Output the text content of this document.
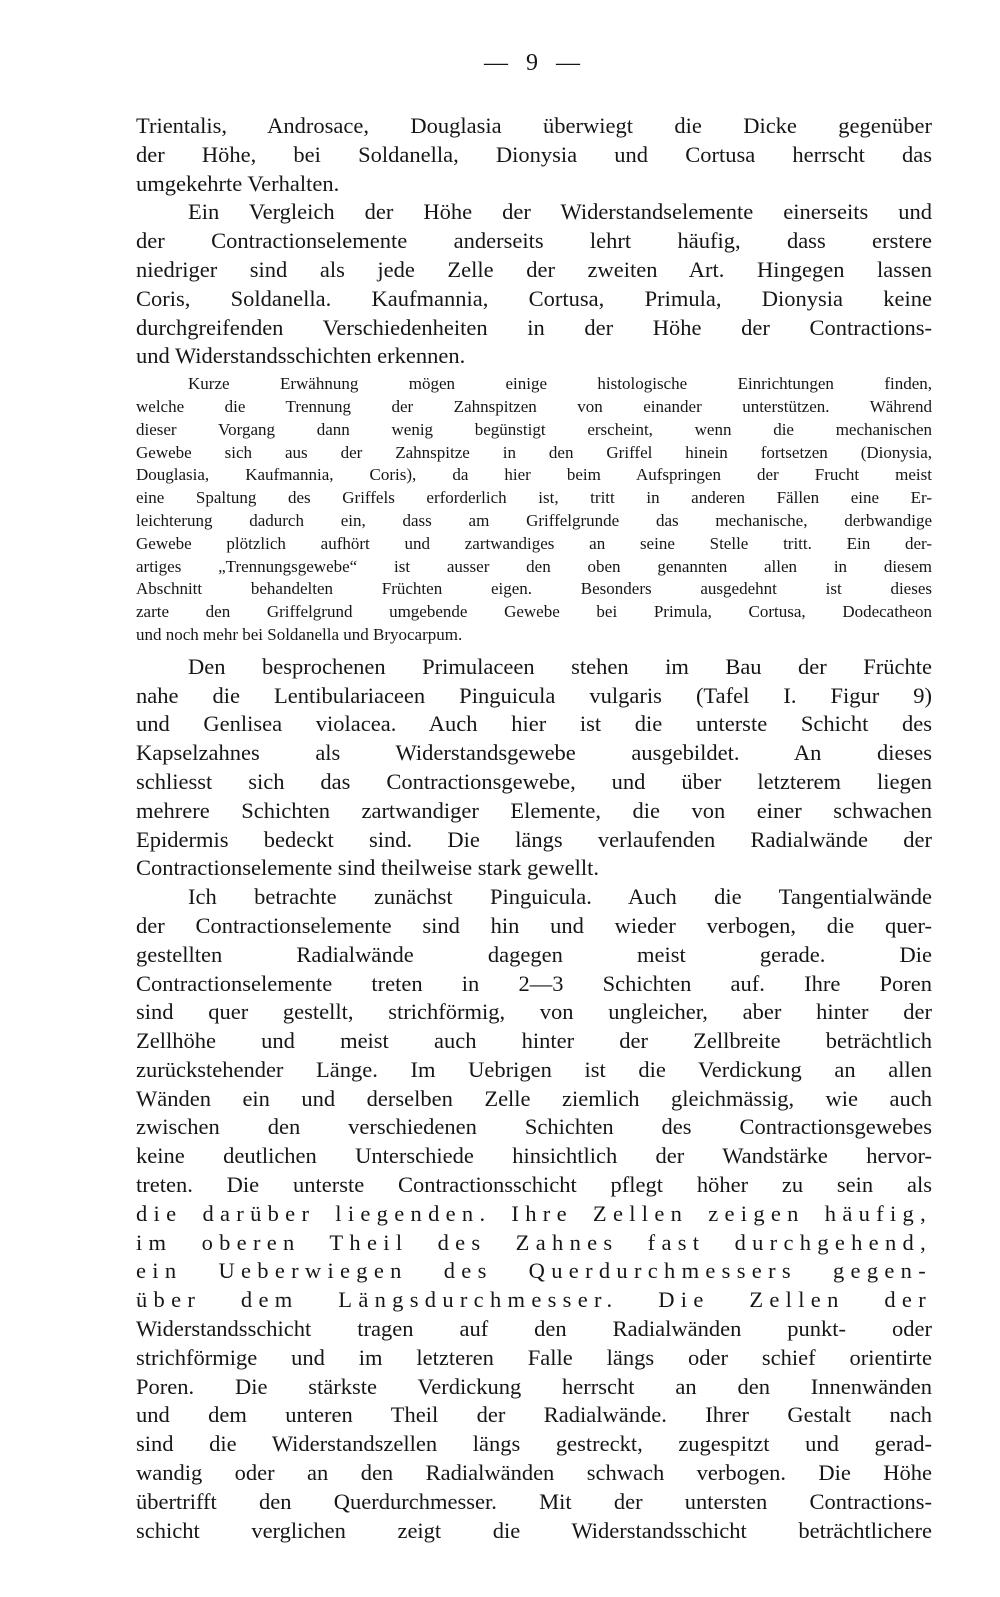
— 9 —
Trientalis, Androsace, Douglasia überwiegt die Dicke gegenüber
der Höhe, bei Soldanella, Dionysia und Cortusa herrscht das
umgekehrte Verhalten.
Ein Vergleich der Höhe der Widerstandselemente einerseits und
der Contractionselemente anderseits lehrt häufig, dass erstere
niedriger sind als jede Zelle der zweiten Art. Hingegen lassen
Coris, Soldanella. Kaufmannia, Cortusa, Primula, Dionysia keine
durchgreifenden Verschiedenheiten in der Höhe der Contractions-
und Widerstandsschichten erkennen.
Kurze Erwähnung mögen einige histologische Einrichtungen finden,
welche die Trennung der Zahnspitzen von einander unterstützen. Während
dieser Vorgang dann wenig begünstigt erscheint, wenn die mechanischen
Gewebe sich aus der Zahnspitze in den Griffel hinein fortsetzen (Dionysia,
Douglasia, Kaufmannia, Coris), da hier beim Aufspringen der Frucht meist
eine Spaltung des Griffels erforderlich ist, tritt in anderen Fällen eine Er-
leichterung dadurch ein, dass am Griffelgrunde das mechanische, derbwandige
Gewebe plötzlich aufhört und zartwandiges an seine Stelle tritt. Ein der-
artiges „Trennungsgewebe“ ist ausser den oben genannten allen in diesem
Abschnitt behandelten Früchten eigen. Besonders ausgedehnt ist dieses
zarte den Griffelgrund umgebende Gewebe bei Primula, Cortusa, Dodecatheon
und noch mehr bei Soldanella und Bryocarpum.
Den besprochenen Primulaceen stehen im Bau der Früchte
nahe die Lentibulariaceen Pinguicula vulgaris (Tafel I. Figur 9)
und Genlisea violacea. Auch hier ist die unterste Schicht des
Kapselzahnes als Widerstandsgewebe ausgebildet. An dieses
schliesst sich das Contractionsgewebe, und über letzterem liegen
mehrere Schichten zartwandiger Elemente, die von einer schwachen
Epidermis bedeckt sind. Die längs verlaufenden Radialwände der
Contractionselemente sind theilweise stark gewellt.
Ich betrachte zunächst Pinguicula. Auch die Tangentialwände
der Contractionselemente sind hin und wieder verbogen, die quer-
gestellten Radialwände dagegen meist gerade. Die
Contractionselemente treten in 2—3 Schichten auf. Ihre Poren
sind quer gestellt, strichförmig, von ungleicher, aber hinter der
Zellhöhe und meist auch hinter der Zellbreite beträchtlich
zurückstehender Länge. Im Uebrigen ist die Verdickung an allen
Wänden ein und derselben Zelle ziemlich gleichmässig, wie auch
zwischen den verschiedenen Schichten des Contractionsgewebes
keine deutlichen Unterschiede hinsichtlich der Wandstärke hervor-
treten. Die unterste Contractionsschicht pflegt höher zu sein als
die darüber liegenden. Ihre Zellen zeigen häufig,
im oberen Theil des Zahnes fast durchgehend,
ein Ueberwiegen des Querdurchmessers gegen-
über dem Längsdurchmesser. Die Zellen der
Widerstandsschicht tragen auf den Radialwänden punkt- oder
strichförmige und im letzteren Falle längs oder schief orientirte
Poren. Die stärkste Verdickung herrscht an den Innenwänden
und dem unteren Theil der Radialwände. Ihrer Gestalt nach
sind die Widerstandszellen längs gestreckt, zugespitzt und gerad-
wandig oder an den Radialwänden schwach verbogen. Die Höhe
übertrifft den Querdurchmesser. Mit der untersten Contractions-
schicht verglichen zeigt die Widerstandsschicht beträchtlichere
